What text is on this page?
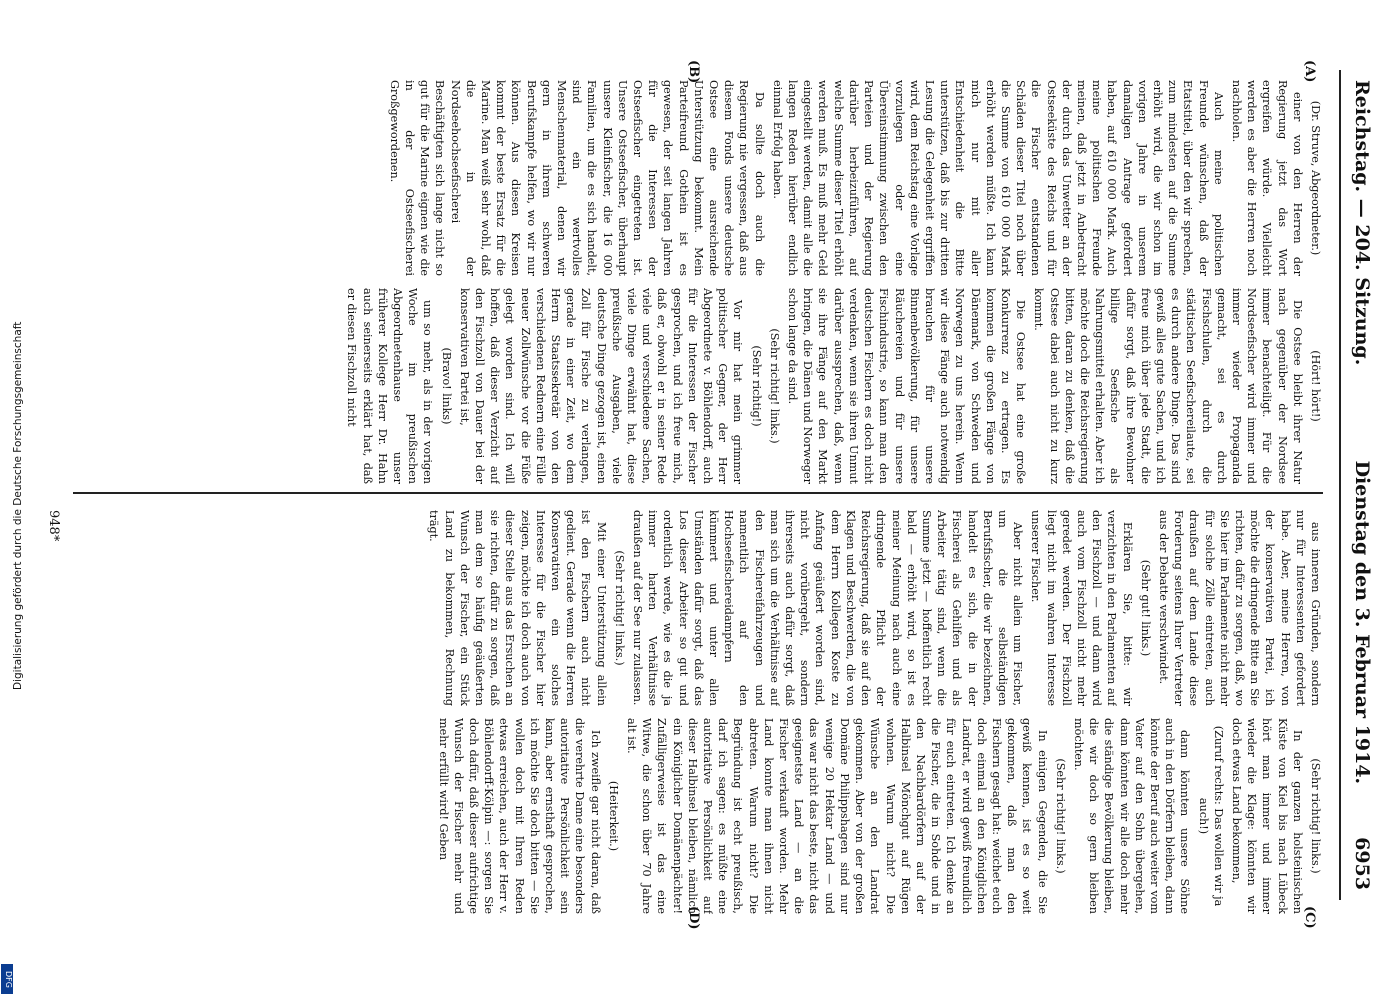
Digitalisierung gefördert durch die Deutsche Forschungsgemeinschaft
DFG
Reichstag. — 204. Sitzung.
Dienstag den 3. Februar 1914.        6953
(A)
(B)
(C)
(D)

(Dr. Struve, Abgeordneter.)

einer von den Herren der Regierung jetzt das Wort ergreifen würde. Vielleicht werden es aber die Herren noch nachholen.

Auch meine politischen Freunde wünschen, daß der Etatstitel, über den wir sprechen, zum mindesten auf die Summe erhöht wird, die wir schon im vorigen Jahre in unserem damaligen Antrage gefordert haben, auf 610 000 Mark. Auch meine politischen Freunde meinen, daß jetzt in Anbetracht der durch das Unwetter an der Ostseeküste des Reichs und für die Fischer entstandenen Schäden dieser Titel noch über die Summe von 610 000 Mark erhöht werden müßte. Ich kann mich nur mit aller Entschiedenheit die Bitte unterstützen, daß bis zur dritten Lesung die Gelegenheit ergriffen wird, dem Reichstag eine Vorlage vorzulegen oder eine Übereinstimmung zwischen den Parteien und der Regierung darüber herbeizuführen, auf welche Summe dieser Titel erhöht werden muß. Es muß mehr Geld eingestellt werden, damit alle die langen Reden hierüber endlich einmal Erfolg haben.

Da sollte doch auch die Regierung nie vergessen, daß aus diesem Fonds unsere deutsche Ostsee eine ausreichende Unterstützung bekommt. Mein Parteifreund Gothein ist es gewesen, der seit langen Jahren für die Interessen der Ostseefischer eingetreten ist. Unsere Ostseefischer, überhaupt unsere Kleinfischer, die 16 000 Familien, um die es sich handelt, sind ein wertvolles Menschenmaterial, denen wir gern in ihrem schweren Berufskampfe helfen, wo wir nur können. Aus diesen Kreisen kommt der beste Ersatz für die Marine. Man weiß sehr wohl, daß die in der Nordseehochseefischerei Beschäftigten sich lange nicht so gut für die Marine eignen wie die in der Ostseefischerei Großgewordenen.

(Hört! hört!)

Die Ostsee bleibt ihrer Natur nach gegenüber der Nordsee immer benachteiligt. Für die Nordseefischer wird immer und immer wieder Propaganda gemacht, sei es durch Fischschulen, durch die städtischen Seefischereilaute, sei es durch andere Dinge. Das sind gewiß alles gute Sachen, und ich freue mich über jede Stadt, die dafür sorgt, daß ihre Bewohner billige Seefische als Nahrungsmittel erhalten. Aber ich möchte doch die Reichsregierung bitten, daran zu denken, daß die Ostsee dabei auch nicht zu kurz kommt.

Die Ostsee hat eine große Konkurrenz zu ertragen. Es kommen die großen Fänge von Dänemark, von Schweden und Norwegen zu uns herein. Wenn wir diese Fänge auch notwendig brauchen für unsere Binnenbevölkerung, für unsere Räuchereien und für unsere Fischindustrie, so kann man den deutschen Fischern es doch nicht verdenken, wenn sie ihren Unmut darüber aussprechen, daß, wenn sie ihre Fänge auf den Markt bringen, die Dänen und Norweger schon lange da sind.

(Sehr richtig! links.)

(Sehr richtig!)

Vor mir hat mein grimmer politischer Gegner, der Herr Abgeordnete v. Böhlendorff, auch für die Interessen der Fischer gesprochen, und ich freue mich, daß er, obwohl er in seiner Rede viele und verschiedene Sachen, viele Dinge erwähnt hat, diese preußische Ausgaben, viele deutsche Dinge gezogen ist, einen Zoll für Fische zu verlangen, gerade in einer Zeit, wo dem Herrn Staatssekretär von den verschiedenen Rednern eine Fülle neuer Zollwünsche vor die Füße gelegt worden sind. Ich will hoffen, daß dieser Verzicht auf den Fischzoll von Dauer bei der konservativen Partei ist,

(Bravo! links)

um so mehr, als in der vorigen Woche im preußischen Abgeordnetenhause unser früherer Kollege Herr Dr. Hahn auch seinerseits erklärt hat, daß er diesen Fischzoll nicht

aus inneren Gründen, sondern nur für Interessenten gefordert habe. Aber, meine Herren, von der konservativen Partei, ich möchte die dringende Bitte an Sie richten, dafür zu sorgen, daß, wo Sie hier im Parlamente nicht mehr für solche Zölle eintreten, auch draußen auf dem Lande diese Forderung seitens Ihrer Vertreter aus der Debatte verschwindet.

(Sehr gut! links.)

Erklären Sie, bitte: wir verzichten in den Parlamenten auf den Fischzoll — und dann wird auch vom Fischzoll nicht mehr geredet werden. Der Fischzoll liegt nicht im wahren Interesse unserer Fischer.

Aber nicht allein um Fischer, um die selbständigen Berufsfischer, die wir bezeichnen, handelt es sich, die in der Fischerei als Gehilfen und als Arbeiter tätig sind, wenn die Summe jetzt — hoffentlich recht bald — erhöht wird, so ist es meiner Meinung nach auch eine dringende Pflicht der Reichsregierung, daß sie auf den Klagen und Beschwerden, die von dem Herrn Kollegen Koste zu Anfang geäußert worden sind, nicht vorübergeht, sondern ihrerseits auch dafür sorgt, daß man sich um die Verhältnisse auf den Fischereifahrzeugen und namentlich auf den Hochseefischereidampfern kümmert und unter allen Umständen dafür sorgt, daß das Los dieser Arbeiter so gut und ordentlich werde, wie es die ja immer harten Verhältnisse draußen auf der See nur zulassen.

(Sehr richtig! links.)

Mit einer Unterstützung allein ist den Fischern auch nicht gedient. Gerade wenn die Herren Konservativen ein solches Interesse für die Fischer hier zeigen, möchte ich doch auch von dieser Stelle aus das Ersuchen an sie richten, dafür zu sorgen, daß man dem so häufig geäußerten Wunsch der Fischer, ein Stück Land zu bekommen, Rechnung trägt.

(Sehr richtig! links.)

In der ganzen holsteinischen Küste von Kiel bis nach Lübeck hört man immer und immer wieder die Klage: könnten wir doch etwas Land bekommen,

(Zuruf rechts: Das wollen wir ja auch!)

dann könnten unsere Söhne auch in den Dörfern bleiben, dann könnte der Beruf auch weiter vom Vater auf den Sohn übergehen, dann könnten wir alle doch mehr die ständige Bevölkerung bleiben, die wir doch so gern bleiben möchten.

(Sehr richtig! links.)

In einigen Gegenden, die Sie gewiß kennen, ist es so weit gekommen, daß man den Fischern gesagt hat: weichet euch doch einmal an den Königlichen Landrat, er wird gewiß freundlich für euch eintreten. Ich denke an die Fischer, die in Sohde und in den Nachbardörfern auf der Halbinsel Mönchgut auf Rügen wohnen. Warum nicht? Die Wünsche an den Landrat gekommen. Aber von der großen Domäne Philippshagen sind nur wenige 20 Hektar Land — und das war nicht das beste, nicht das geeignetste Land — an die Fischer verkauft worden. Mehr Land konnte man ihnen nicht abtreten. Warum nicht? Die Begründung ist echt preußisch, darf ich sagen: es müßte eine autoritative Persönlichkeit auf dieser Halbinsel bleiben, nämlich ein Königlicher Domänenpächter! Zufälligerweise ist das eine Witwe, die schon über 70 Jahre alt ist.

(Heiterkeit.)

Ich zweifle gar nicht daran, daß die verehrte Dame eine besonders autoritative Persönlichkeit sein kann, aber ernsthaft gesprochen, ich möchte Sie doch bitten — Sie wollen doch mit Ihren Reden etwas erreichen, auch der Herr v. Böhlendorff-Kölpin —: sorgen Sie doch dafür, daß dieser aufrichtige Wunsch der Fischer mehr und mehr erfüllt wird! Geben

948*
